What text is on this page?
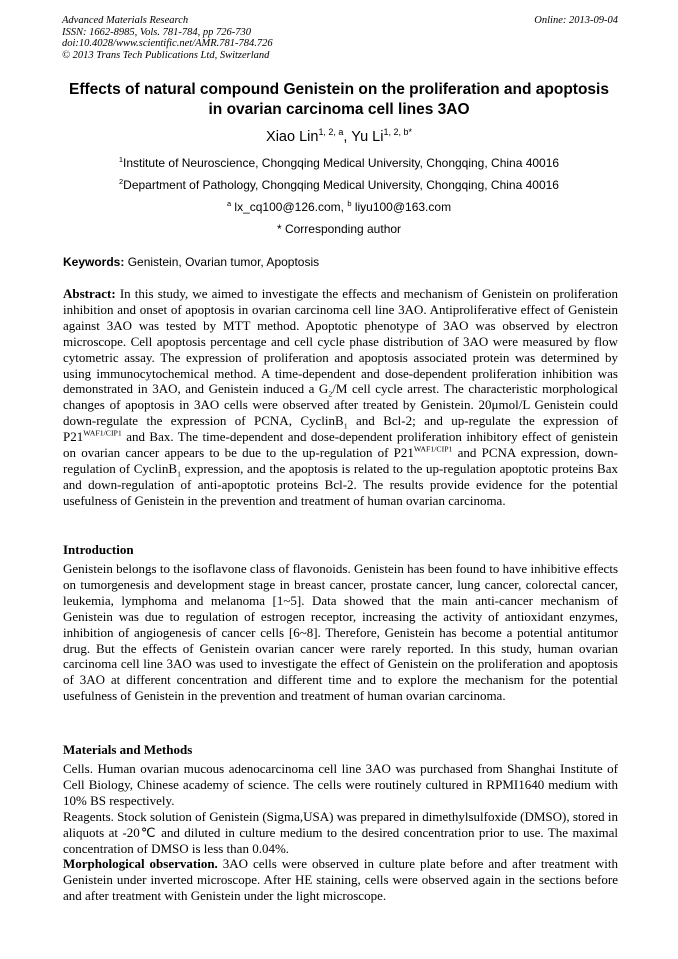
Advanced Materials Research
ISSN: 1662-8985, Vols. 781-784, pp 726-730
doi:10.4028/www.scientific.net/AMR.781-784.726
© 2013 Trans Tech Publications Ltd, Switzerland
Online: 2013-09-04
Effects of natural compound Genistein on the proliferation and apoptosis in ovarian carcinoma cell lines 3AO
Xiao Lin$^{1, 2, a}$, Yu $Li^{1, 2, b*}$
$^1$Institute of Neuroscience, Chongqing Medical University, Chongqing, China 40016
$^2$Department of Pathology, Chongqing Medical University, Chongqing, China 40016
$^a$ lx_cq100@126.com, $^b$ liyu100@163.com
* Corresponding author
Keywords: Genistein, Ovarian tumor, Apoptosis
Abstract: In this study, we aimed to investigate the effects and mechanism of Genistein on proliferation inhibition and onset of apoptosis in ovarian carcinoma cell line 3AO. Antiproliferative effect of Genistein against 3AO was tested by MTT method. Apoptotic phenotype of 3AO was observed by electron microscope. Cell apoptosis percentage and cell cycle phase distribution of 3AO were measured by flow cytometric assay. The expression of proliferation and apoptosis associated protein was determined by using immunocytochemical method. A time-dependent and dose-dependent proliferation inhibition was demonstrated in 3AO, and Genistein induced a $G_2/M$ cell cycle arrest. The characteristic morphological changes of apoptosis in 3AO cells were observed after treated by Genistein. 20μmol/L Genistein could down-regulate the expression of PCNA, CyclinB$_1$ and Bcl-2; and up-regulate the expression of $P21^{WAF1/CIP1}$ and Bax. The time-dependent and dose-dependent proliferation inhibitory effect of genistein on ovarian cancer appears to be due to the up-regulation of $P21^{WAF1/CIP1}$ and PCNA expression, down-regulation of CyclinB$_1$ expression, and the apoptosis is related to the up-regulation apoptotic proteins Bax and down-regulation of anti-apoptotic proteins Bcl-2. The results provide evidence for the potential usefulness of Genistein in the prevention and treatment of human ovarian carcinoma.
Introduction
Genistein belongs to the isoflavone class of flavonoids. Genistein has been found to have inhibitive effects on tumorgenesis and development stage in breast cancer, prostate cancer, lung cancer, colorectal cancer, leukemia, lymphoma and melanoma [1~5]. Data showed that the main anti-cancer mechanism of Genistein was due to regulation of estrogen receptor, increasing the activity of antioxidant enzymes, inhibition of angiogenesis of cancer cells [6~8]. Therefore, Genistein has become a potential antitumor drug. But the effects of Genistein ovarian cancer were rarely reported. In this study, human ovarian carcinoma cell line 3AO was used to investigate the effect of Genistein on the proliferation and apoptosis of 3AO at different concentration and different time and to explore the mechanism for the potential usefulness of Genistein in the prevention and treatment of human ovarian carcinoma.
Materials and Methods
Cells. Human ovarian mucous adenocarcinoma cell line 3AO was purchased from Shanghai Institute of Cell Biology, Chinese academy of science. The cells were routinely cultured in RPMI1640 medium with 10% BS respectively.
Reagents. Stock solution of Genistein (Sigma,USA) was prepared in dimethylsulfoxide (DMSO), stored in aliquots at -20℃ and diluted in culture medium to the desired concentration prior to use. The maximal concentration of DMSO is less than 0.04%.
Morphological observation. 3AO cells were observed in culture plate before and after treatment with Genistein under inverted microscope. After HE staining, cells were observed again in the sections before and after treatment with Genistein under the light microscope.
